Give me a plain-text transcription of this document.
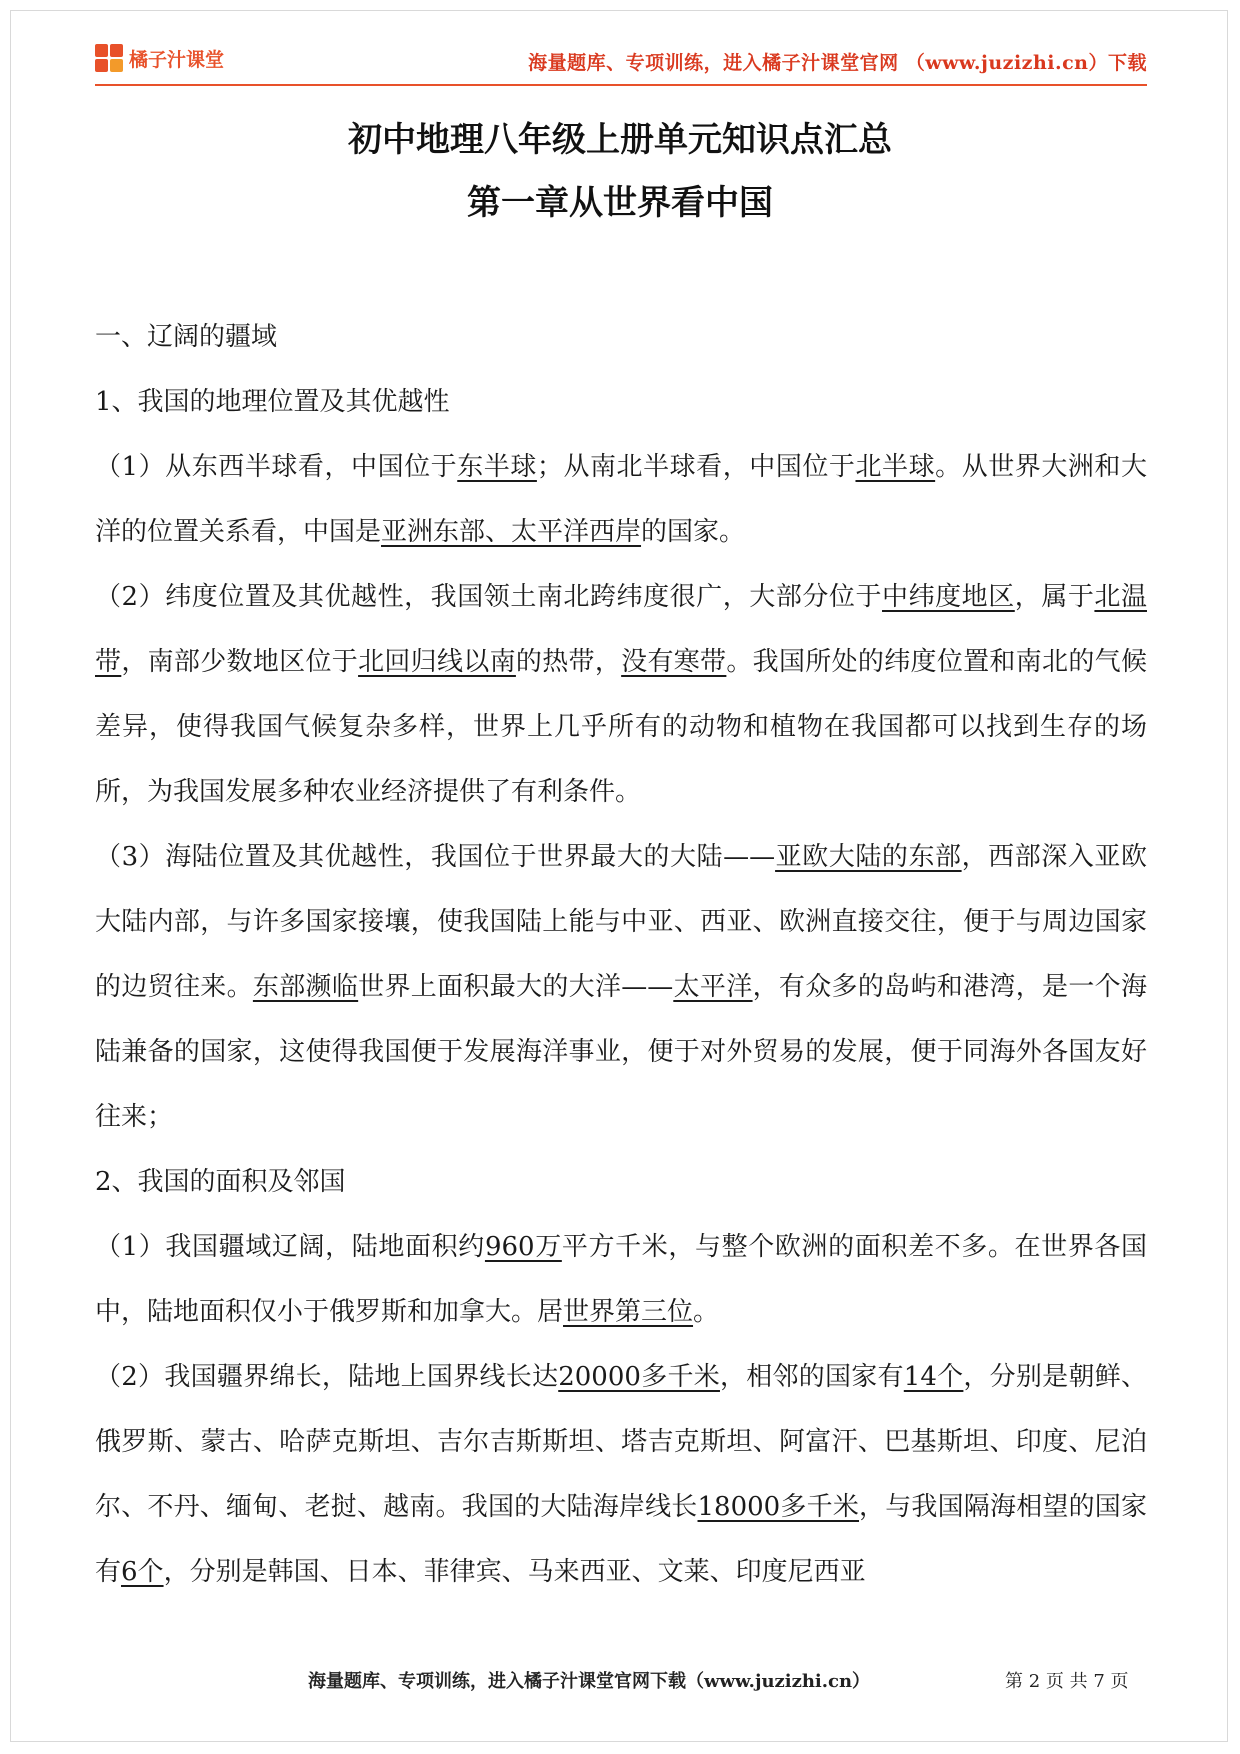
橘子汁课堂	海量题库、专项训练，进入橘子汁课堂官网 （www.juzizhi.cn）下载
初中地理八年级上册单元知识点汇总
第一章从世界看中国

一、辽阔的疆域

1、我国的地理位置及其优越性

（1）从东西半球看，中国位于东半球；从南北半球看，中国位于北半球。从世界大洲和大洋的位置关系看，中国是亚洲东部、太平洋西岸的国家。

（2）纬度位置及其优越性，我国领土南北跨纬度很广，大部分位于中纬度地区，属于北温带，南部少数地区位于北回归线以南的热带，没有寒带。我国所处的纬度位置和南北的气候差异，使得我国气候复杂多样，世界上几乎所有的动物和植物在我国都可以找到生存的场所，为我国发展多种农业经济提供了有利条件。

（3）海陆位置及其优越性，我国位于世界最大的大陆——亚欧大陆的东部，西部深入亚欧大陆内部，与许多国家接壤，使我国陆上能与中亚、西亚、欧洲直接交往，便于与周边国家的边贸往来。东部濒临世界上面积最大的大洋——太平洋，有众多的岛屿和港湾，是一个海陆兼备的国家，这使得我国便于发展海洋事业，便于对外贸易的发展，便于同海外各国友好往来；

2、我国的面积及邻国

（1）我国疆域辽阔，陆地面积约960万平方千米，与整个欧洲的面积差不多。在世界各国中，陆地面积仅小于俄罗斯和加拿大。居世界第三位。

（2）我国疆界绵长，陆地上国界线长达20000多千米，相邻的国家有14个，分别是朝鲜、俄罗斯、蒙古、哈萨克斯坦、吉尔吉斯斯坦、塔吉克斯坦、阿富汗、巴基斯坦、印度、尼泊尔、不丹、缅甸、老挝、越南。我国的大陆海岸线长18000多千米，与我国隔海相望的国家有6个，分别是韩国、日本、菲律宾、马来西亚、文莱、印度尼西亚

海量题库、专项训练，进入橘子汁课堂官网下载（www.juzizhi.cn）	第 2 页 共 7 页
